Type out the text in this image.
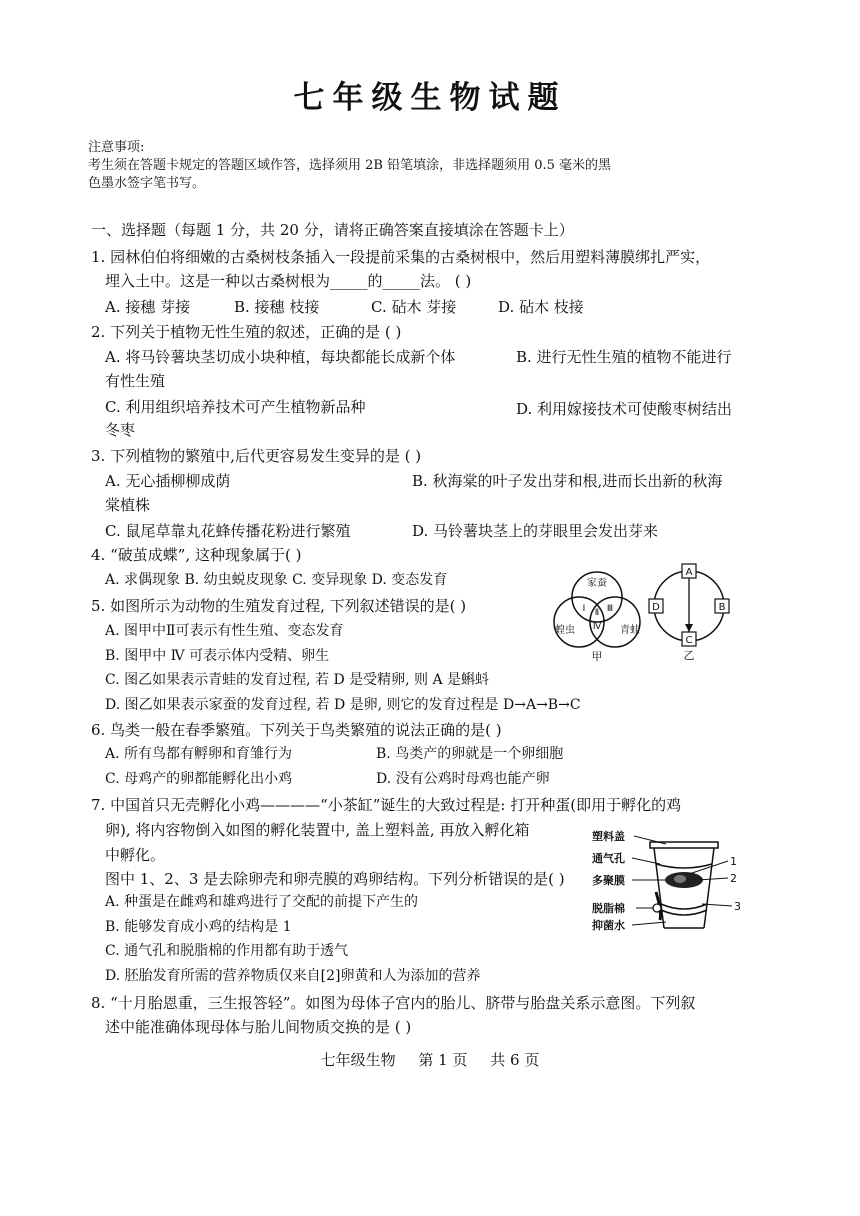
七年级生物试题
注意事项:
考生须在答题卡规定的答题区域作答，选择须用 2B 铅笔填涂，非选择题须用 0.5 毫米的黑
色墨水签字笔书写。
一、选择题（每题 1 分，共 20 分，请将正确答案直接填涂在答题卡上）
1. 园林伯伯将细嫩的古桑树枝条插入一段提前采集的古桑树根中，然后用塑料薄膜绑扎严实，
埋入土中。这是一种以古桑树根为_____的_____法。 ( )
A. 接穗 芽接	B. 接穗 枝接	C. 砧木 芽接	D. 砧木 枝接
2. 下列关于植物无性生殖的叙述，正确的是 ( )
A. 将马铃薯块茎切成小块种植，每块都能长成新个体	B. 进行无性生殖的植物不能进行
有性生殖
C. 利用组织培养技术可产生植物新品种	D. 利用嫁接技术可使酸枣树结出
冬枣
3. 下列植物的繁殖中,后代更容易发生变异的是 ( )
A. 无心插柳柳成荫	B. 秋海棠的叶子发出芽和根,进而长出新的秋海
棠植株
C. 鼠尾草靠丸花蜂传播花粉进行繁殖	D. 马铃薯块茎上的芽眼里会发出芽来
4. “破茧成蝶”, 这种现象属于( )
A. 求偶现象 B. 幼虫蜕皮现象 C. 变异现象 D. 变态发育
5. 如图所示为动物的生殖发育过程, 下列叙述错误的是( )
A. 图甲中Ⅱ可表示有性生殖、变态发育
B. 图甲中 Ⅳ 可表示体内受精、卵生
C. 图乙如果表示青蛙的发育过程, 若 D 是受精卵, 则 A 是蝌蚪
D. 图乙如果表示家蚕的发育过程, 若 D 是卵, 则它的发育过程是 D→A→B→C
家蚕
蝗虫	青蛙
Ⅰ Ⅱ Ⅲ
Ⅳ
甲
A
B
C
D
乙
6. 鸟类一般在春季繁殖。下列关于鸟类繁殖的说法正确的是( )
A. 所有鸟都有孵卵和育雏行为	B. 鸟类产的卵就是一个卵细胞
C. 母鸡产的卵都能孵化出小鸡	D. 没有公鸡时母鸡也能产卵
7. 中国首只无壳孵化小鸡————“小茶缸”诞生的大致过程是: 打开种蛋(即用于孵化的鸡
卵), 将内容物倒入如图的孵化装置中, 盖上塑料盖, 再放入孵化箱
中孵化。
图中 1、2、3 是去除卵壳和卵壳膜的鸡卵结构。下列分析错误的是( )
A. 种蛋是在雌鸡和雄鸡进行了交配的前提下产生的
B. 能够发育成小鸡的结构是 1
C. 通气孔和脱脂棉的作用都有助于透气
D. 胚胎发育所需的营养物质仅来自[2]卵黄和人为添加的营养
塑料盖
通气孔
多聚膜
脱脂棉
抑菌水
1
2
3
8. “十月胎恩重，三生报答轻”。如图为母体子宫内的胎儿、脐带与胎盘关系示意图。下列叙
述中能准确体现母体与胎儿间物质交换的是 ( )
七年级生物 第 1 页 共 6 页
